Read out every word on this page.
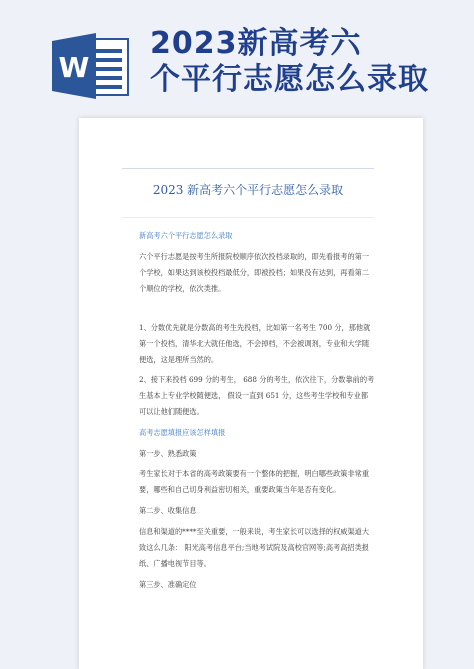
W
2023新高考六
个平行志愿怎么录取
2023 新高考六个平行志愿怎么录取

新高考六个平行志愿怎么录取

六个平行志愿是按考生所报院校顺序依次投档录取的，即先看报考的第一个学校，如果达到该校投档最低分，即被投档；如果没有达到，再看第二个顺位的学校，依次类推。

1、分数优先就是分数高的考生先投档，比如第一名考生 700 分，那他就第一个投档，清华北大就任他选，不会掉档，不会被调剂，专业和大学随便选，这是理所当然的。

2、接下来投档 699 分的考生， 688 分的考生，依次往下，分数靠前的考生基本上专业学校随便选， 假设一直到 651 分，这些考生学校和专业都可以让他们随便选。

高考志愿填报应该怎样填报

第一步、熟悉政策

考生家长对于本省的高考政策要有一个整体的把握，明白哪些政策非常重要，哪些和自己切身利益密切相关，重要政策当年是否有变化。

第二步、收集信息

信息和渠道的****至关重要，一般来说，考生家长可以选择的权威渠道大致这么几条： 阳光高考信息平台;当地考试院及高校官网等;高考高招类报纸、广播电视节目等。

第三步、准确定位
